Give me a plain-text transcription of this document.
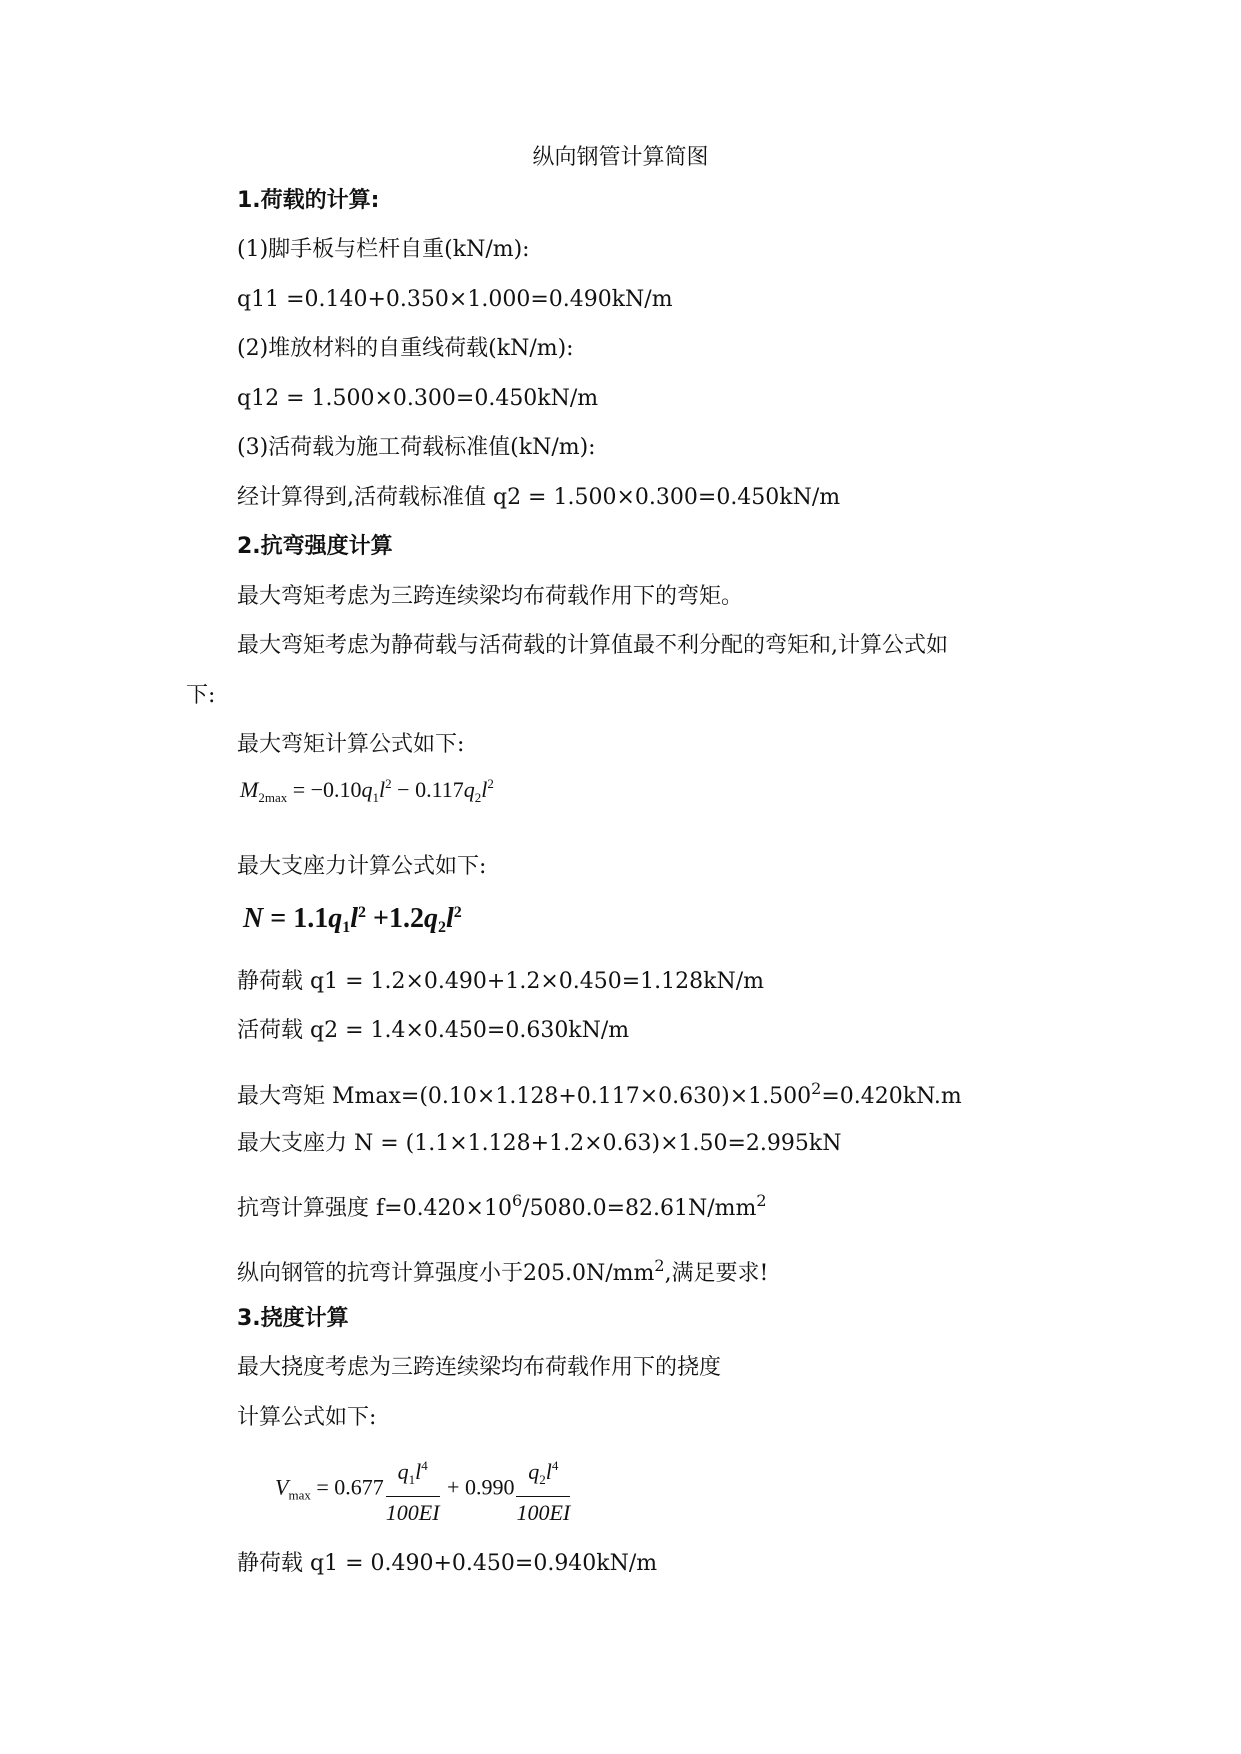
纵向钢管计算简图
1.荷载的计算:
(1)脚手板与栏杆自重(kN/m):
q11 =0.140+0.350×1.000=0.490kN/m
(2)堆放材料的自重线荷载(kN/m):
q12 = 1.500×0.300=0.450kN/m
(3)活荷载为施工荷载标准值(kN/m):
经计算得到,活荷载标准值 q2 = 1.500×0.300=0.450kN/m
2.抗弯强度计算
最大弯矩考虑为三跨连续梁均布荷载作用下的弯矩。
最大弯矩考虑为静荷载与活荷载的计算值最不利分配的弯矩和,计算公式如
下:
最大弯矩计算公式如下:
$M_{2max} = -0.10q_1l^2 - 0.117q_2l^2$
最大支座力计算公式如下:
$N = 1.1q_1l^2 +1.2q_2l^2$
静荷载 q1 = 1.2×0.490+1.2×0.450=1.128kN/m
活荷载 q2 = 1.4×0.450=0.630kN/m
最大弯矩 $Mmax=(0.10\times 1.128+0.117\times 0.630)\times 1.500^2=0.420kN.m$
最大支座力 N = (1.1×1.128+1.2×0.63)×1.50=2.995kN
抗弯计算强度 $f=0.420\times 10^6/5080.0=82.61N/mm^2$
纵向钢管的抗弯计算强度小于$205.0N/mm^2$,满足要求!
3.挠度计算
最大挠度考虑为三跨连续梁均布荷载作用下的挠度
计算公式如下:
$V_{max} = 0.677 \frac{q_1l^4}{100EI} + 0.990 \frac{q_2l^4}{100EI}$
静荷载 q1 = 0.490+0.450=0.940kN/m
